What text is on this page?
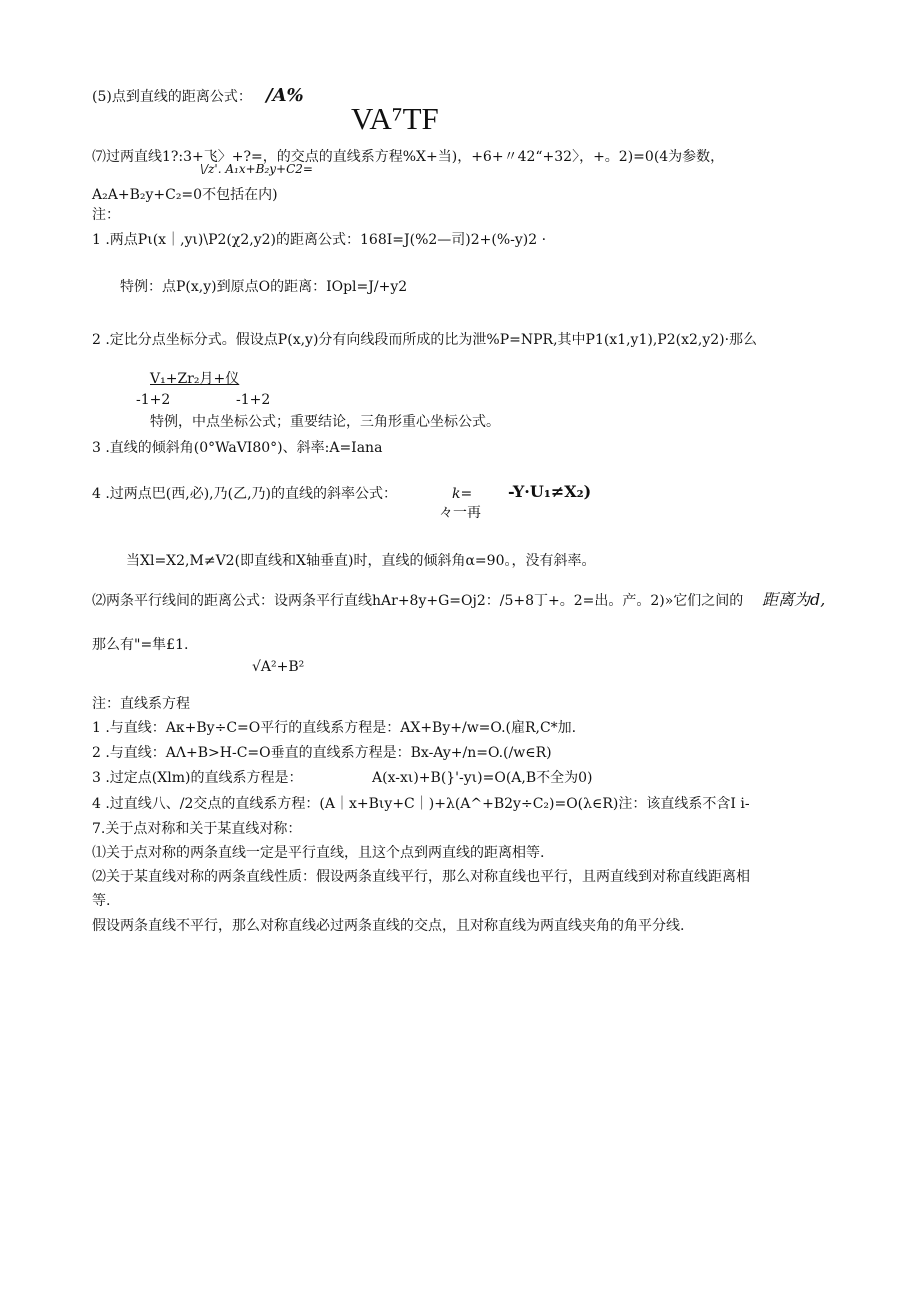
(5)点到直线的距离公式： /A%
VA⁷TF
⑺过两直线1?:3+飞〉+?=，的交点的直线系方程%X+当)，+6+〃42“+32〉，+。2)=0(4为参数，
\/z'. A₁x+B₂y+C2=
A₂A+B₂y+C₂=0不包括在内)
注：
1 .两点Pι(x｜,yι)\P2(χ2,y2)的距离公式：168I=J(%2—司)2+(%-y)2 ·
特例：点P(x,y)到原点O的距离：IOpl=J/+y2
2 .定比分点坐标分式。假设点P(x,y)分有向线段而所成的比为泄%P=NPR,其中P1(x1,y1),P2(x2,y2)·那么
V₁+Zr₂月+仪
-1+2	-1+2
特例，中点坐标公式；重要结论，三角形重心坐标公式。
3 .直线的倾斜角(0°WaVI80°)、斜率:A=Iana
4 .过两点巴(西,必),乃(乙,乃)的直线的斜率公式：	k= -Y·U₁≠X₂)
々一再
当Xl=X2,M≠V2(即直线和X轴垂直)时，直线的倾斜角α=90。，没有斜率。
⑵两条平行线间的距离公式：设两条平行直线hAr+8y+G=Oj2：/5+8丁+。2=出。产。2)»它们之间的 距离为d,
那么有"=隼£1.
√A²+B²
注：直线系方程
1 .与直线：Aκ+By÷C=O平行的直线系方程是：AX+By+/w=O.(雇R,C*加.
2 .与直线：AΛ+B>H-C=O垂直的直线系方程是：Bx-Ay+/n=O.(/w∈R)
3 .过定点(Xlm)的直线系方程是：	A(x-xι)+B(}'-yι)=O(A,B不全为0)
4 .过直线八、/2交点的直线系方程：(A｜x+Bιy+C｜)+λ(A^+B2y÷C₂)=O(λ∈R)注：该直线系不含I i-
7.关于点对称和关于某直线对称：
⑴关于点对称的两条直线一定是平行直线，且这个点到两直线的距离相等.
⑵关于某直线对称的两条直线性质：假设两条直线平行，那么对称直线也平行，且两直线到对称直线距离相
等.
假设两条直线不平行，那么对称直线必过两条直线的交点，且对称直线为两直线夹角的角平分线.
